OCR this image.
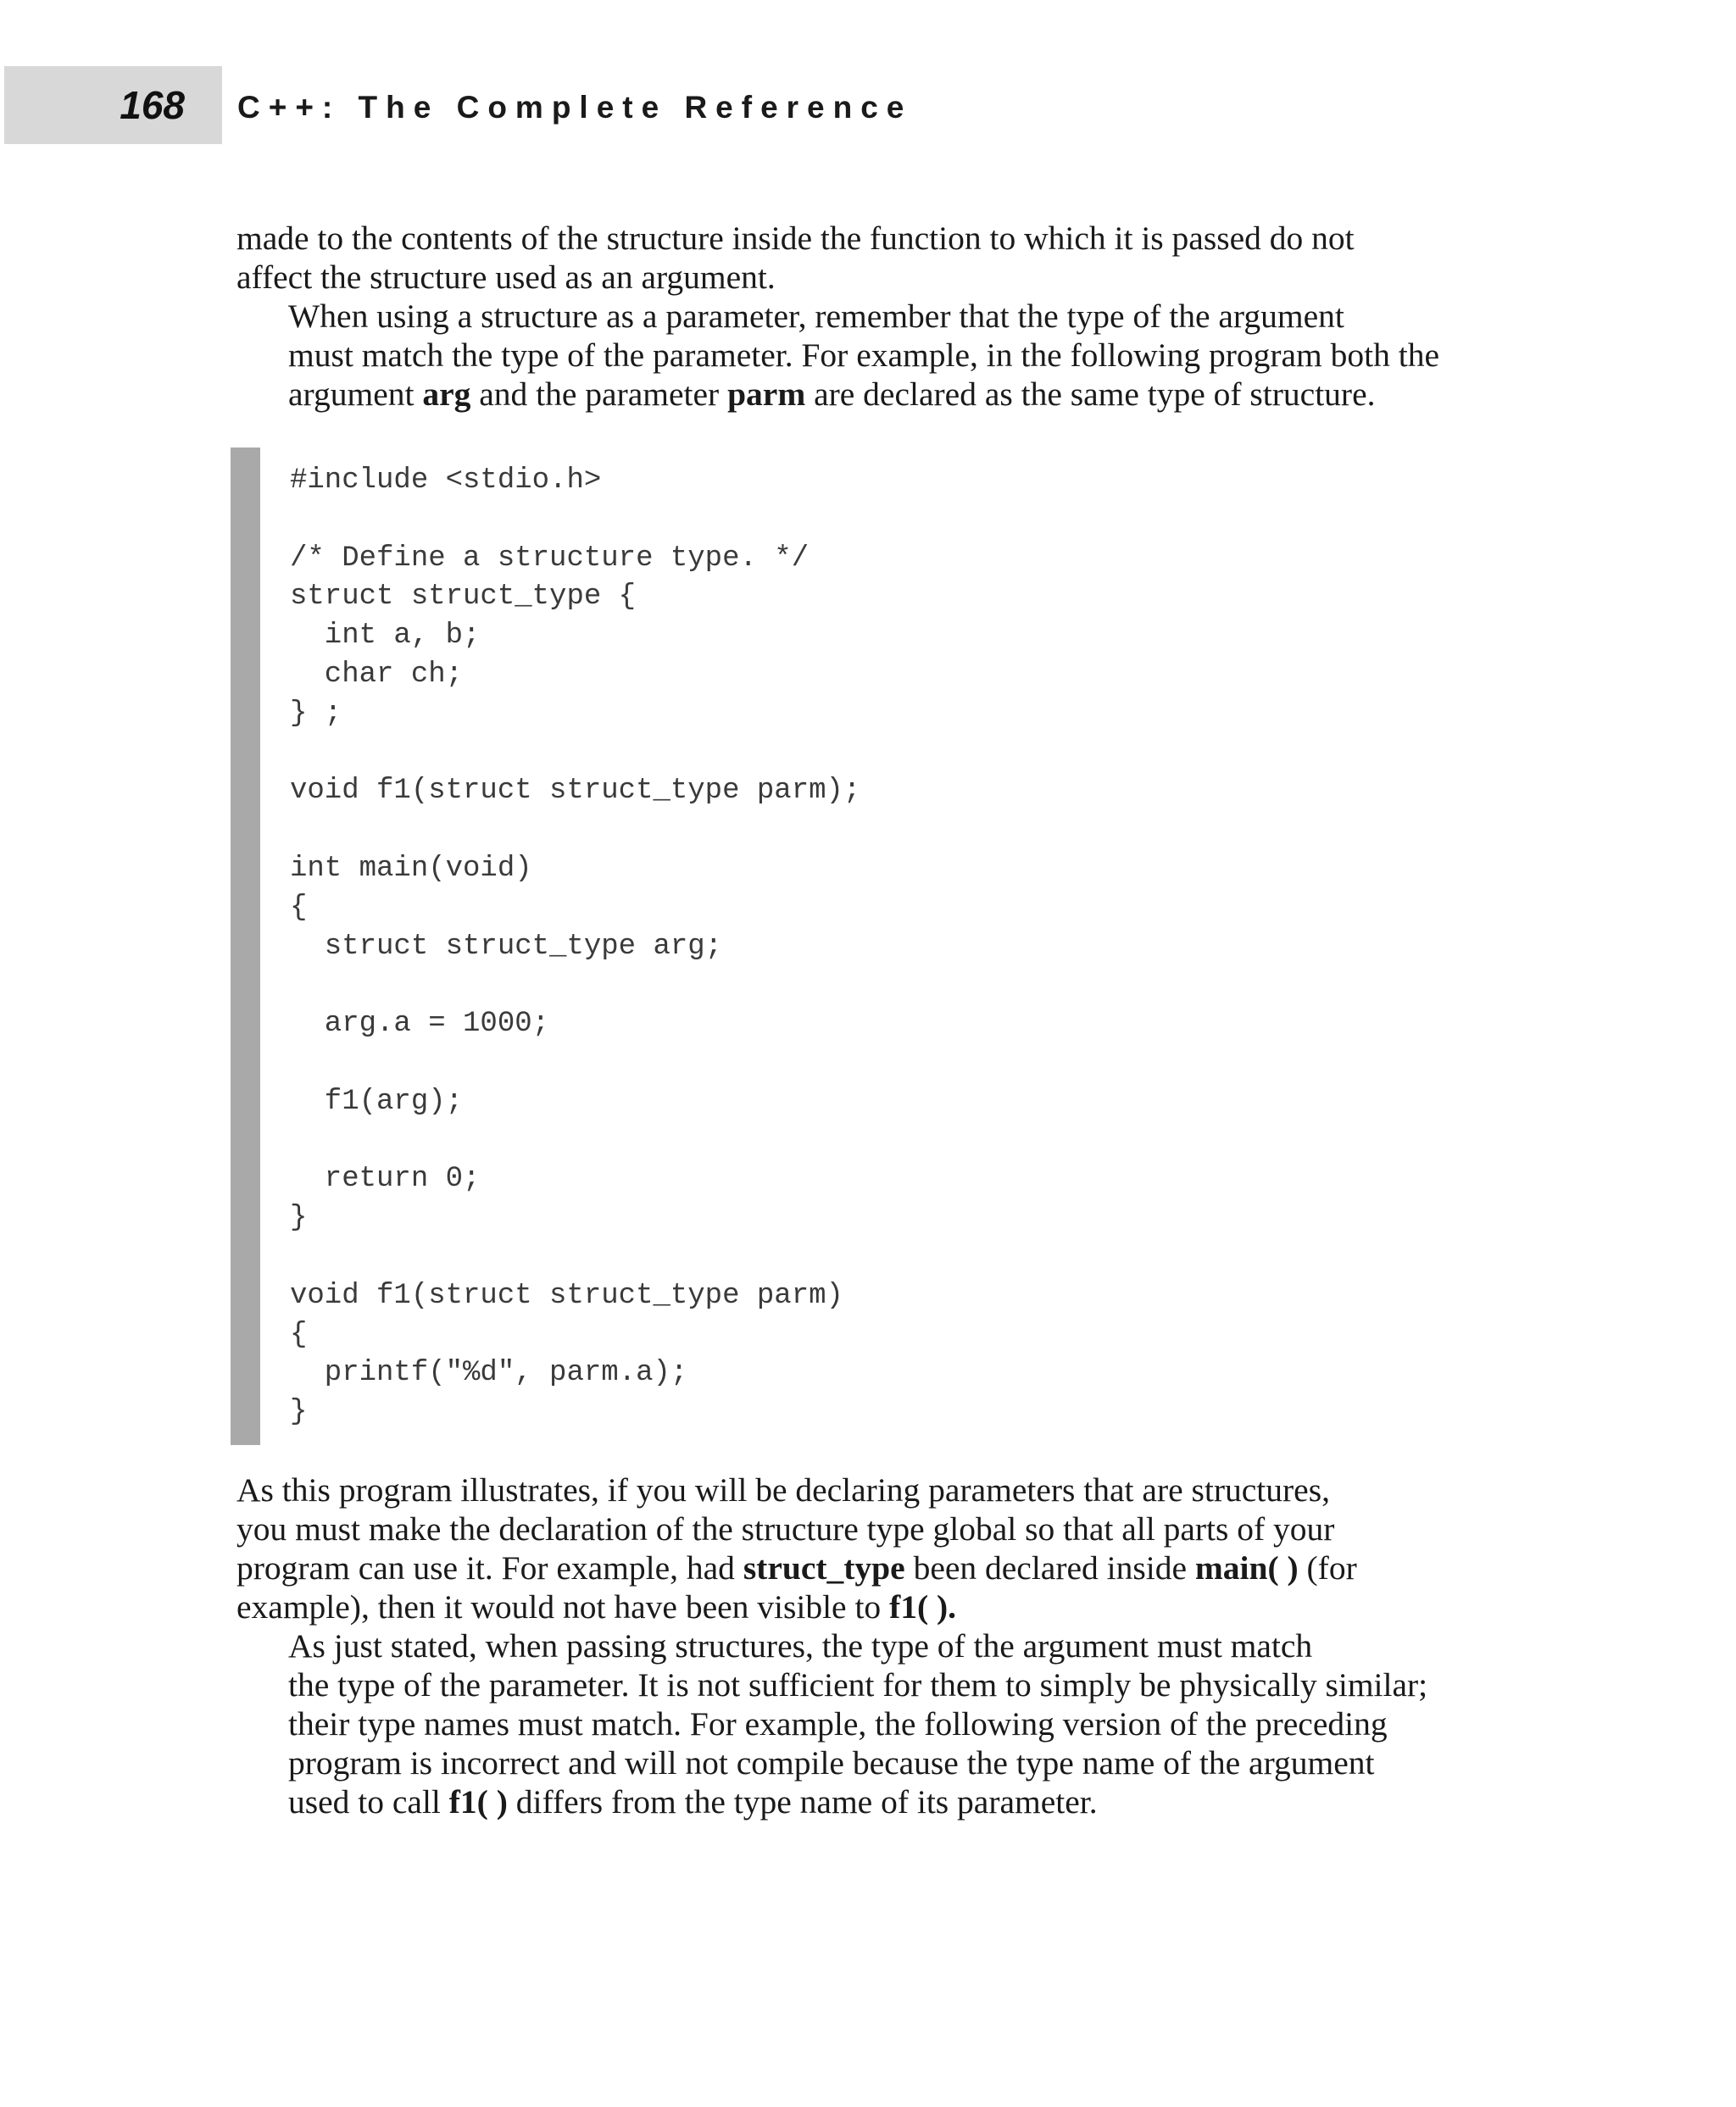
168 C++: The Complete Reference

made to the contents of the structure inside the function to which it is passed do not
affect the structure used as an argument.

When using a structure as a parameter, remember that the type of the argument
must match the type of the parameter. For example, in the following program both the
argument arg and the parameter parm are declared as the same type of structure.

#include <stdio.h>
/* Define a structure type. */
struct struct_type {
int a, b;
char ch;
} ;
void f1(struct struct_type parm);
int main(void)
{
struct struct_type arg;
arg.a = 1000;
f1(arg);
return 0;
}
void f1(struct struct_type parm)
{
printf("%d", parm.a);
}

As this program illustrates, if you will be declaring parameters that are structures,
you must make the declaration of the structure type global so that all parts of your
program can use it. For example, had struct_type been declared inside main( ) (for
example), then it would not have been visible to f1( ).

As just stated, when passing structures, the type of the argument must match
the type of the parameter. It is not sufficient for them to simply be physically similar;
their type names must match. For example, the following version of the preceding
program is incorrect and will not compile because the type name of the argument
used to call f1( ) differs from the type name of its parameter.
